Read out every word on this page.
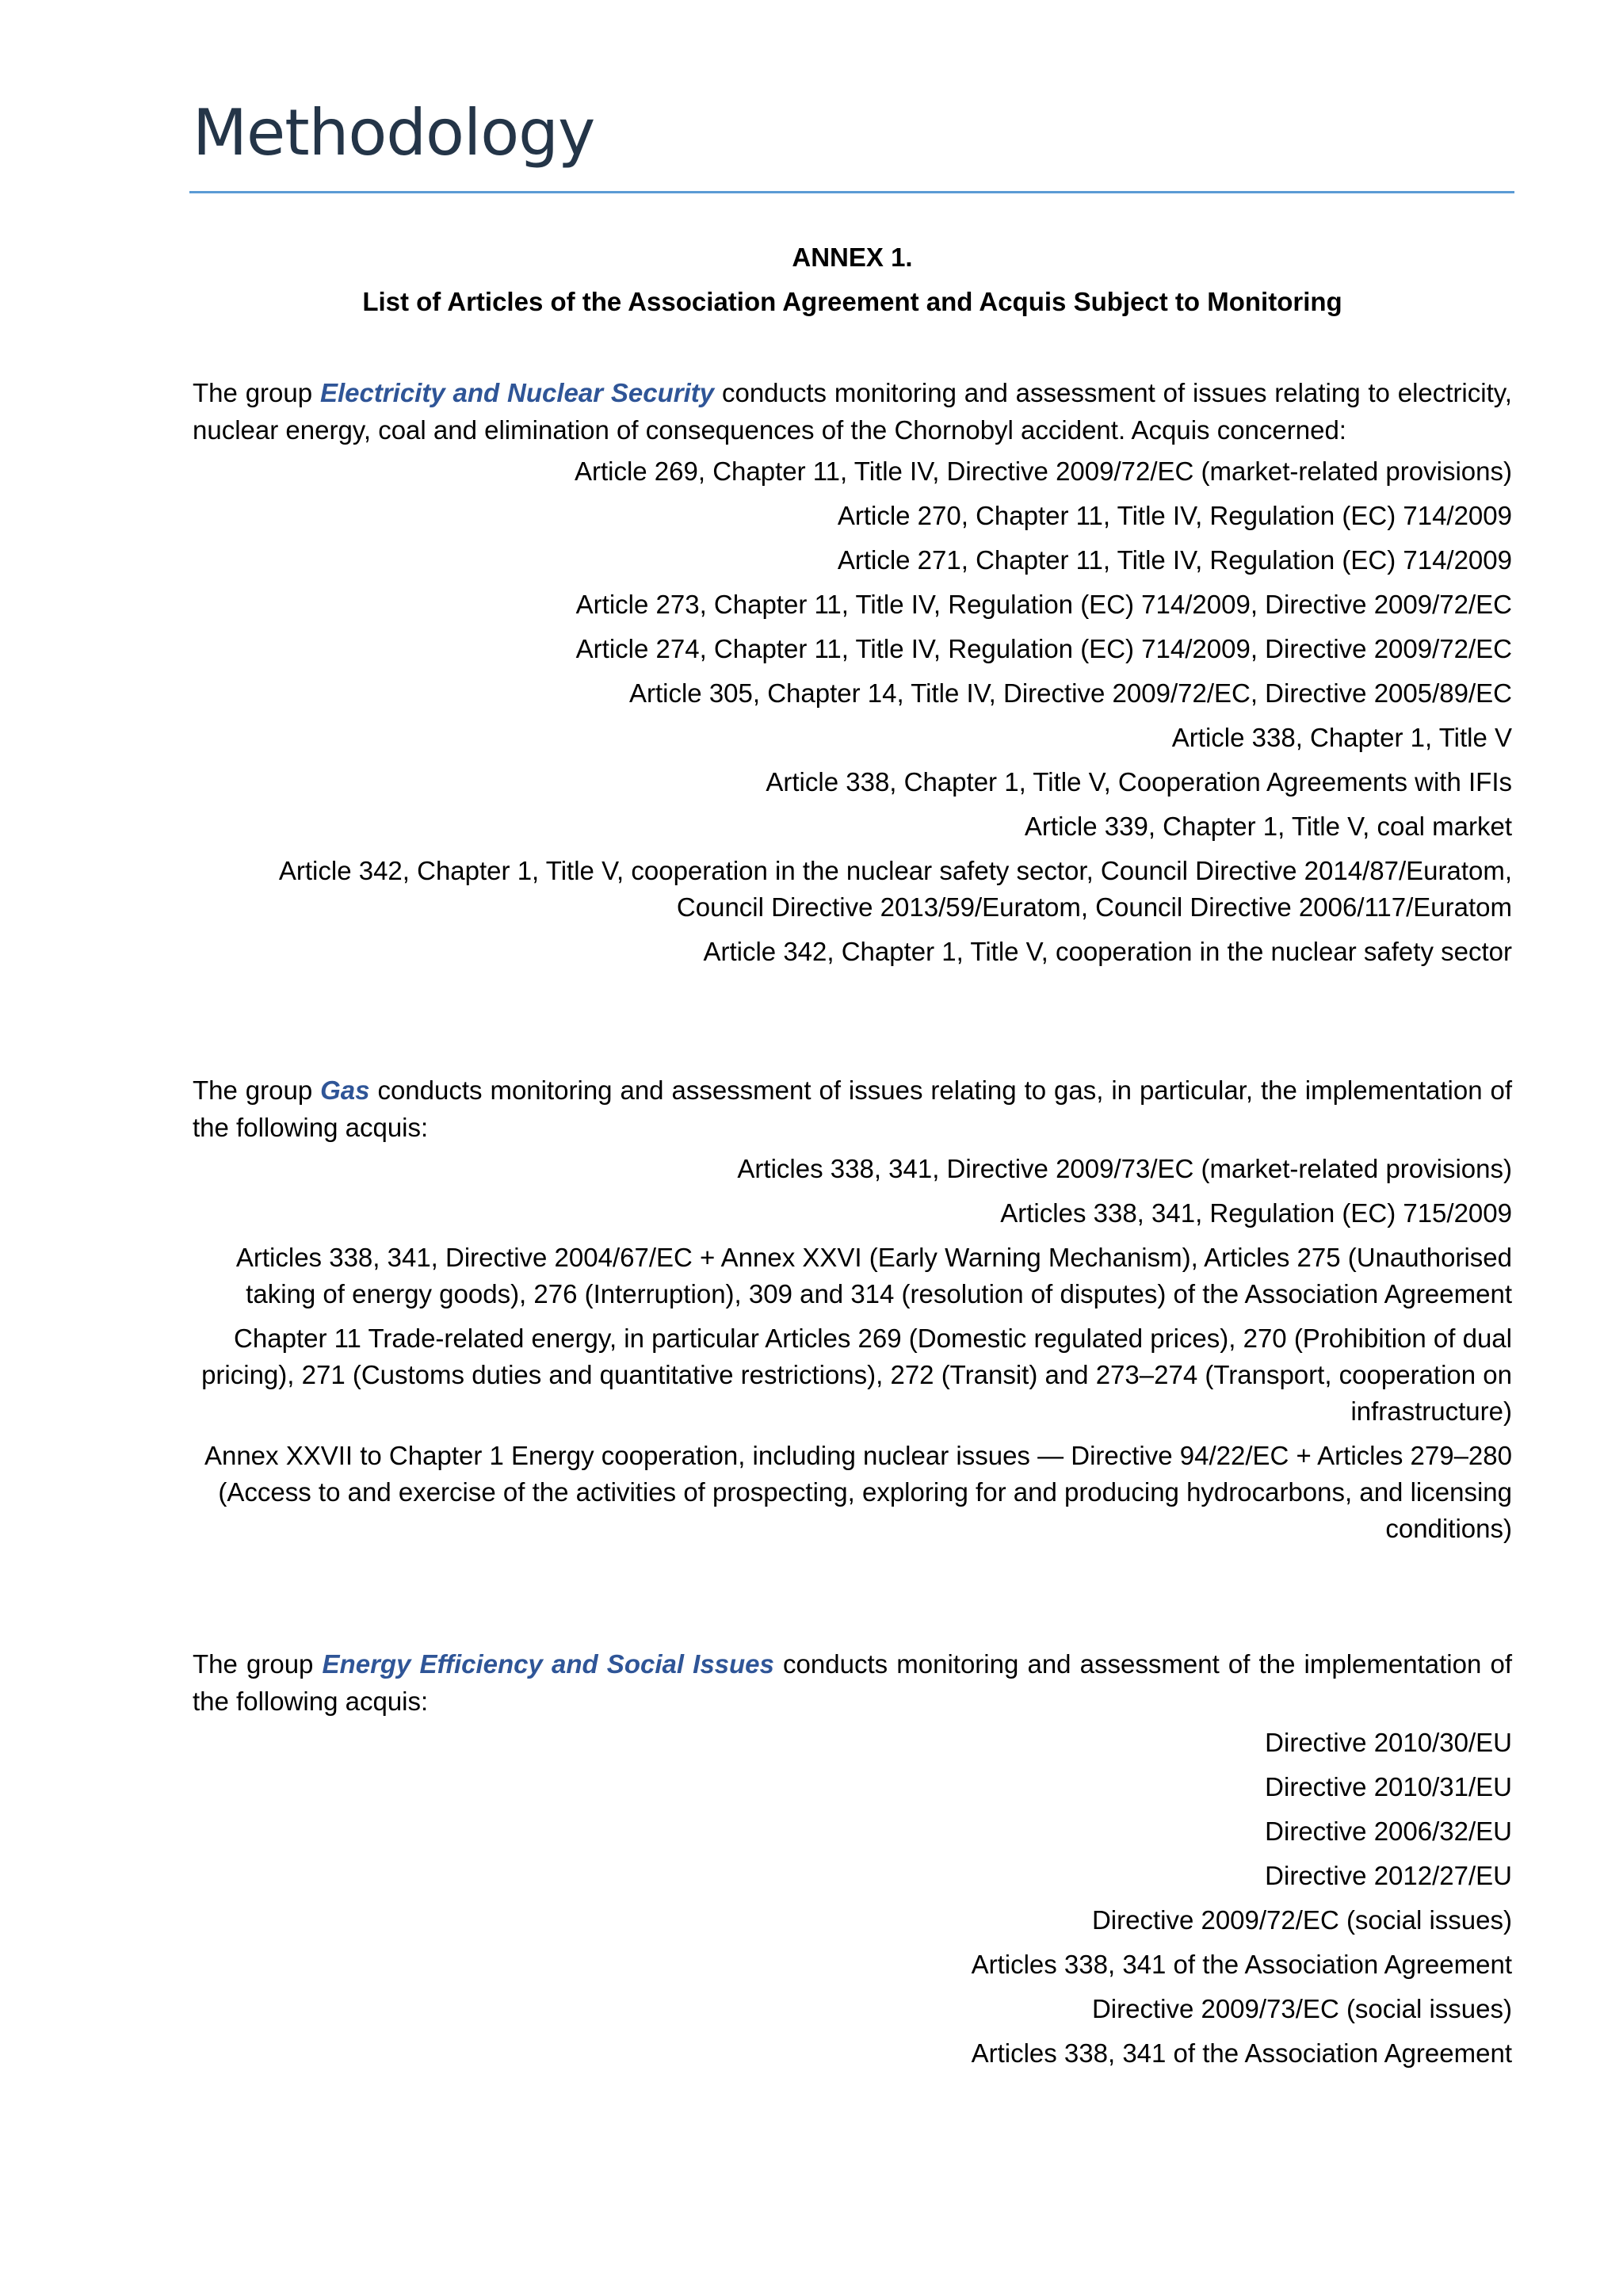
Methodology
ANNEX 1.
List of Articles of the Association Agreement and Acquis Subject to Monitoring

The group Electricity and Nuclear Security conducts monitoring and assessment of issues relating to electricity, nuclear energy, coal and elimination of consequences of the Chornobyl accident. Acquis concerned:

Article 269, Chapter 11, Title IV, Directive 2009/72/EC (market-related provisions)
Article 270, Chapter 11, Title IV, Regulation (EC) 714/2009
Article 271, Chapter 11, Title IV, Regulation (EC) 714/2009
Article 273, Chapter 11, Title IV, Regulation (EC) 714/2009, Directive 2009/72/EC
Article 274, Chapter 11, Title IV, Regulation (EC) 714/2009, Directive 2009/72/EC
Article 305, Chapter 14, Title IV, Directive 2009/72/EC, Directive 2005/89/EC
Article 338, Chapter 1, Title V
Article 338, Chapter 1, Title V, Cooperation Agreements with IFIs
Article 339, Chapter 1, Title V, coal market
Article 342, Chapter 1, Title V, cooperation in the nuclear safety sector, Council Directive 2014/87/Euratom, Council Directive 2013/59/Euratom, Council Directive 2006/117/Euratom
Article 342, Chapter 1, Title V, cooperation in the nuclear safety sector

The group Gas conducts monitoring and assessment of issues relating to gas, in particular, the implementation of the following acquis:

Articles 338, 341, Directive 2009/73/EC (market-related provisions)
Articles 338, 341, Regulation (EC) 715/2009
Articles 338, 341, Directive 2004/67/EC + Annex XXVI (Early Warning Mechanism), Articles 275 (Unauthorised taking of energy goods), 276 (Interruption), 309 and 314 (resolution of disputes) of the Association Agreement
Chapter 11 Trade-related energy, in particular Articles 269 (Domestic regulated prices), 270 (Prohibition of dual pricing), 271 (Customs duties and quantitative restrictions), 272 (Transit) and 273–274 (Transport, cooperation on infrastructure)
Annex XXVII to Chapter 1 Energy cooperation, including nuclear issues — Directive 94/22/EC + Articles 279–280 (Access to and exercise of the activities of prospecting, exploring for and producing hydrocarbons, and licensing conditions)

The group Energy Efficiency and Social Issues conducts monitoring and assessment of the implementation of the following acquis:

Directive 2010/30/EU
Directive 2010/31/EU
Directive 2006/32/EU
Directive 2012/27/EU
Directive 2009/72/EC (social issues)
Articles 338, 341 of the Association Agreement
Directive 2009/73/EC (social issues)
Articles 338, 341 of the Association Agreement
